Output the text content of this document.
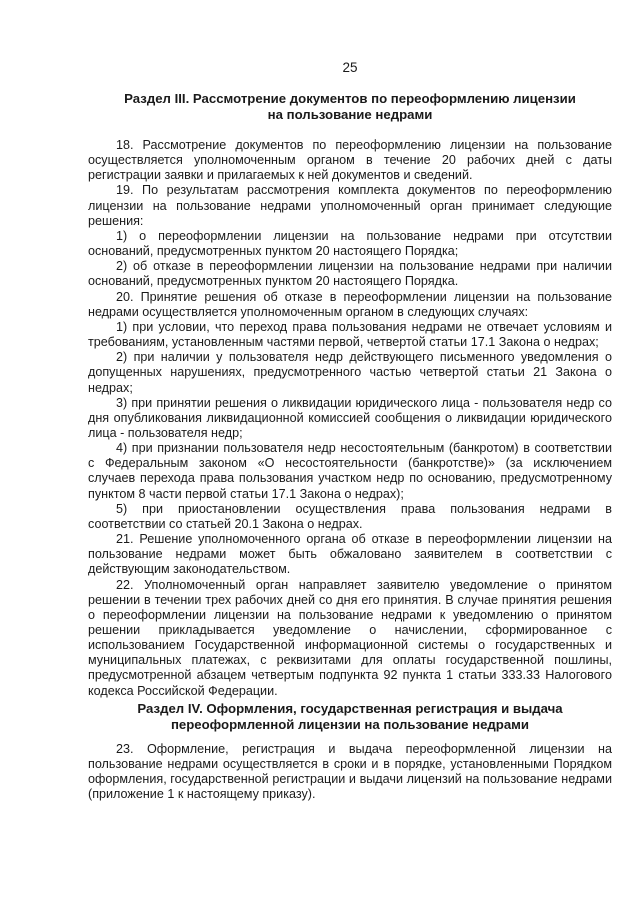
25
Раздел III. Рассмотрение документов по переоформлению лицензии
на пользование недрами

18. Рассмотрение документов по переоформлению лицензии на пользование осуществляется уполномоченным органом в течение 20 рабочих дней с даты регистрации заявки и прилагаемых к ней документов и сведений.

19. По результатам рассмотрения комплекта документов по переоформлению лицензии на пользование недрами уполномоченный орган принимает следующие решения:

1) о переоформлении лицензии на пользование недрами при отсутствии оснований, предусмотренных пунктом 20 настоящего Порядка;

2) об отказе в переоформлении лицензии на пользование недрами при наличии оснований, предусмотренных пунктом 20 настоящего Порядка.

20. Принятие решения об отказе в переоформлении лицензии на пользование недрами осуществляется уполномоченным органом в следующих случаях:

1) при условии, что переход права пользования недрами не отвечает условиям и требованиям, установленным частями первой, четвертой статьи 17.1 Закона о недрах;

2) при наличии у пользователя недр действующего письменного уведомления о допущенных нарушениях, предусмотренного частью четвертой статьи 21 Закона о недрах;

3) при принятии решения о ликвидации юридического лица - пользователя недр со дня опубликования ликвидационной комиссией сообщения о ликвидации юридического лица - пользователя недр;

4) при признании пользователя недр несостоятельным (банкротом) в соответствии с Федеральным законом «О несостоятельности (банкротстве)» (за исключением случаев перехода права пользования участком недр по основанию, предусмотренному пунктом 8 части первой статьи 17.1 Закона о недрах);

5) при приостановлении осуществления права пользования недрами в соответствии со статьей 20.1 Закона о недрах.

21. Решение уполномоченного органа об отказе в переоформлении лицензии на пользование недрами может быть обжаловано заявителем в соответствии с действующим законодательством.

22. Уполномоченный орган направляет заявителю уведомление о принятом решении в течении трех рабочих дней со дня его принятия. В случае принятия решения о переоформлении лицензии на пользование недрами к уведомлению о принятом решении прикладывается уведомление о начислении, сформированное с использованием Государственной информационной системы о государственных и муниципальных платежах, с реквизитами для оплаты государственной пошлины, предусмотренной абзацем четвертым подпункта 92 пункта 1 статьи 333.33 Налогового кодекса Российской Федерации.

Раздел IV. Оформления, государственная регистрация и выдача
переоформленной лицензии на пользование недрами

23. Оформление, регистрация и выдача переоформленной лицензии на пользование недрами осуществляется в сроки и в порядке, установленными Порядком оформления, государственной регистрации и выдачи лицензий на пользование недрами (приложение 1 к настоящему приказу).
